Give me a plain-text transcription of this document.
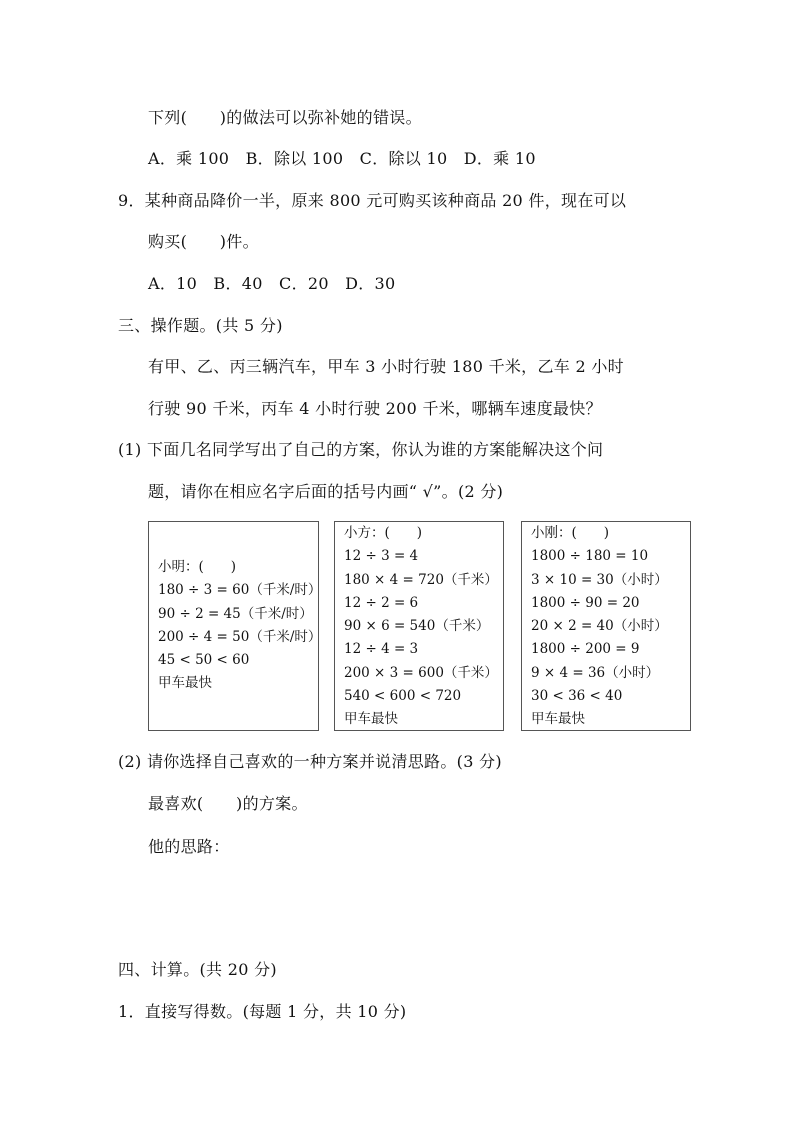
下列(　　)的做法可以弥补她的错误。
A．乘 100　B．除以 100　C．除以 10　D．乘 10
9．某种商品降价一半，原来 800 元可购买该种商品 20 件，现在可以
购买(　　)件。
A．10　B．40　C．20　D．30
三、操作题。(共 5 分)
有甲、乙、丙三辆汽车，甲车 3 小时行驶 180 千米，乙车 2 小时
行驶 90 千米，丙车 4 小时行驶 200 千米，哪辆车速度最快？
(1) 下面几名同学写出了自己的方案，你认为谁的方案能解决这个问
题，请你在相应名字后面的括号内画“ √”。(2 分)
小明：(　　)
180 ÷ 3 = 60（千米/时）
90 ÷ 2 = 45（千米/时）
200 ÷ 4 = 50（千米/时）
45 < 50 < 60
甲车最快
小方：(　　)
12 ÷ 3 = 4
180 × 4 = 720（千米）
12 ÷ 2 = 6
90 × 6 = 540（千米）
12 ÷ 4 = 3
200 × 3 = 600（千米）
540 < 600 < 720
甲车最快
小刚：(　　)
1800 ÷ 180 = 10
3 × 10 = 30（小时）
1800 ÷ 90 = 20
20 × 2 = 40（小时）
1800 ÷ 200 = 9
9 × 4 = 36（小时）
30 < 36 < 40
甲车最快
(2) 请你选择自己喜欢的一种方案并说清思路。(3 分)
最喜欢(　　)的方案。
他的思路：
四、计算。(共 20 分)
1．直接写得数。(每题 1 分，共 10 分)
